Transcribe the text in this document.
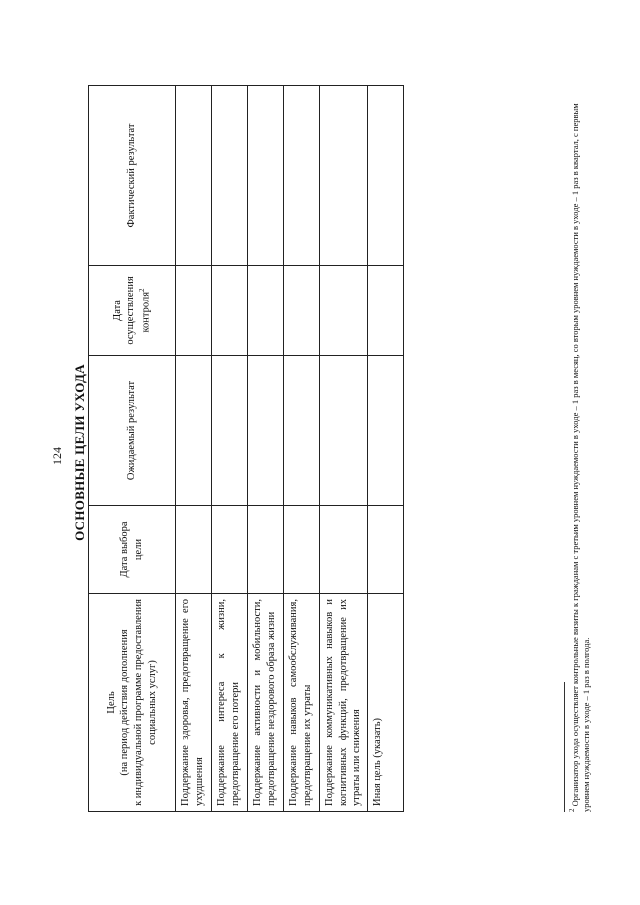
124 ОСНОВНЫЕ ЦЕЛИ УХОДА
Цель (на период действия дополнения к индивидуальной программе предоставления социальных услуг)	Дата выбора цели	Ожидаемый результат	Дата осуществления контроля$^2$	Фактический результат
Поддержание здоровья, предотвращение его ухудшения				
Поддержание интереса к жизни, предотвращение его потери				
Поддержание активности и мобильности, предотвращение нездорового образа жизни				
Поддержание навыков самообслуживания, предотвращение их утраты				
Поддержание коммуникативных навыков и когнитивных функций, предотвращение их утраты или снижения				
Иная цель (указать)				
$^2$ Организатор ухода осуществляет контрольные визиты к гражданам с третьим уровнем нуждаемости в уходе – 1 раз в месяц, со вторым уровнем нуждаемости в уходе – 1 раз в квартал, с первым уровнем нуждаемости в уходе – 1 раз в полгода.
